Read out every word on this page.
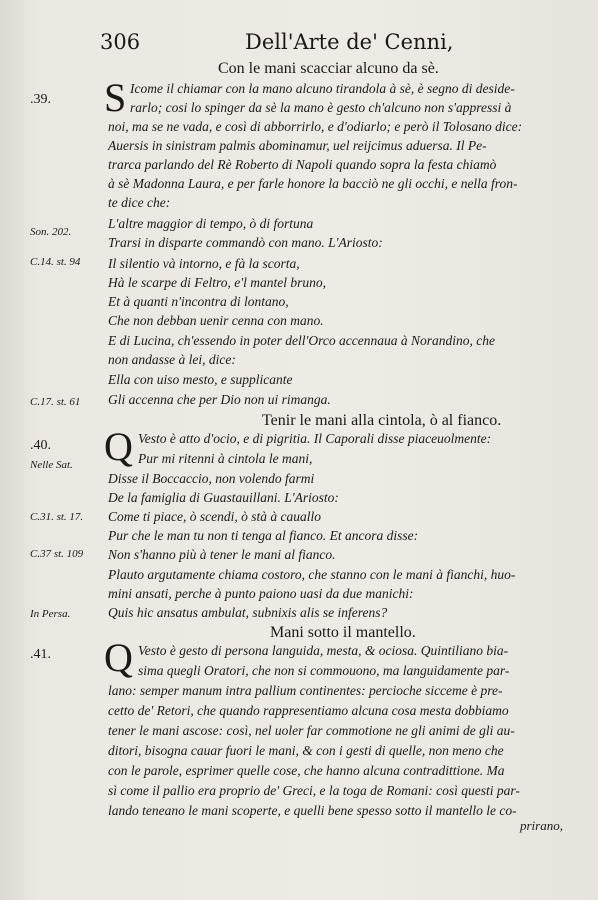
306	Dell'Arte de' Cenni,
Con le mani scacciar alcuno da sè.
.39. S Icome il chiamar con la mano alcuno tirandola à sè, è segno di deside-
rarlo; cosi lo spinger da sè la mano è gesto ch'alcuno non s'appressi à
noi, ma se ne vada, e così di abborrirlo, e d'odiarlo; e però il Tolosano dice:
Auersis in sinistram palmis abominamur, uel reijcimus aduersa. Il Pe-
trarca parlando del Rè Roberto di Napoli quando sopra la festa chiamò
à sè Madonna Laura, e per farle honore la bacciò ne gli occhi, e nella fron-
te dice che:
Son. 202.
L'altre maggior di tempo, ò di fortuna
Trarsi in disparte commandò con mano. L'Ariosto:
C.14. st. 94 Il silentio và intorno, e fà la scorta,
Hà le scarpe di Feltro, e'l mantel bruno,
Et à quanti n'incontra di lontano,
Che non debban uenir cenna con mano.
E di Lucina, ch'essendo in poter dell'Orco accennaua à Norandino, che
non andasse à lei, dice:
Ella con uiso mesto, e supplicante
C.17. st. 61 Gli accenna che per Dio non ui rimanga.
Tenir le mani alla cintola, ò al fianco.
.40.
Nelle Sat. Q Vesto è atto d'ocio, e di pigritia. Il Caporali disse piaceuolmente:
Pur mi ritenni à cintola le mani,
Disse il Boccaccio, non volendo farmi
De la famiglia di Guastauillani. L'Ariosto:
C.31. st. 17. Come ti piace, ò scendi, ò stà à cauallo
Pur che le man tu non ti tenga al fianco. Et ancora disse:
C.37 st. 109 Non s'hanno più à tener le mani al fianco.
Plauto argutamente chiama costoro, che stanno con le mani à fianchi, huo-
mini ansati, perche à punto paiono uasi da due manichi:
In Persa.	Quis hic ansatus ambulat, subnixis alis se inferens?
Mani sotto il mantello.
.41. Q Vesto è gesto di persona languida, mesta, & ociosa. Quintiliano bia-
sima quegli Oratori, che non si commouono, ma languidamente par-
lano: semper manum intra pallium continentes: percioche sicceme è pre-
cetto de' Retori, che quando rappresentiamo alcuna cosa mesta dobbiamo
tener le mani ascose: così, nel uoler far commotione ne gli animi de gli au-
ditori, bisogna cauar fuori le mani, & con i gesti di quelle, non meno che
con le parole, esprimer quelle cose, che hanno alcuna contradittione. Ma
sì come il pallio era proprio de' Greci, e la toga de Romani: così questi par-
lando teneano le mani scoperte, e quelli bene spesso sotto il mantello le co-
prirano,
